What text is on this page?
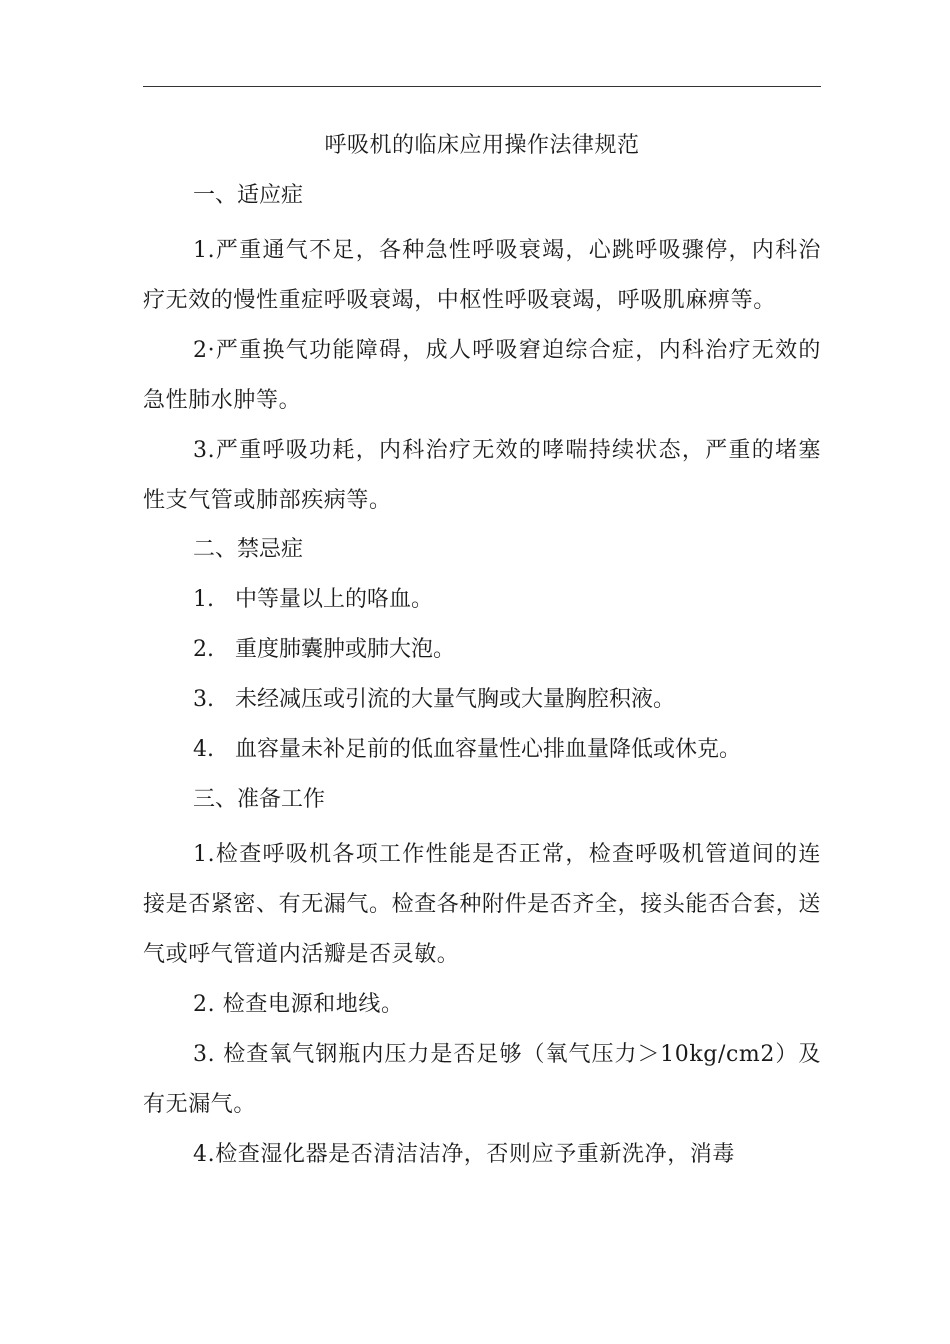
呼吸机的临床应用操作法律规范
一、适应症

1.严重通气不足，各种急性呼吸衰竭，心跳呼吸骤停，内科治疗无效的慢性重症呼吸衰竭，中枢性呼吸衰竭，呼吸肌麻痹等。

2·严重换气功能障碍，成人呼吸窘迫综合症，内科治疗无效的急性肺水肿等。

3.严重呼吸功耗，内科治疗无效的哮喘持续状态，严重的堵塞性支气管或肺部疾病等。

二、禁忌症
1. 中等量以上的咯血。
2. 重度肺囊肿或肺大泡。
3. 未经减压或引流的大量气胸或大量胸腔积液。
4. 血容量未补足前的低血容量性心排血量降低或休克。
三、准备工作

1.检查呼吸机各项工作性能是否正常，检查呼吸机管道间的连接是否紧密、有无漏气。检查各种附件是否齐全，接头能否合套，送气或呼气管道内活瓣是否灵敏。

2. 检查电源和地线。

3. 检查氧气钢瓶内压力是否足够（氧气压力＞10kg/cm2）及有无漏气。

4.检查湿化器是否清洁洁净，否则应予重新洗净，消毒
